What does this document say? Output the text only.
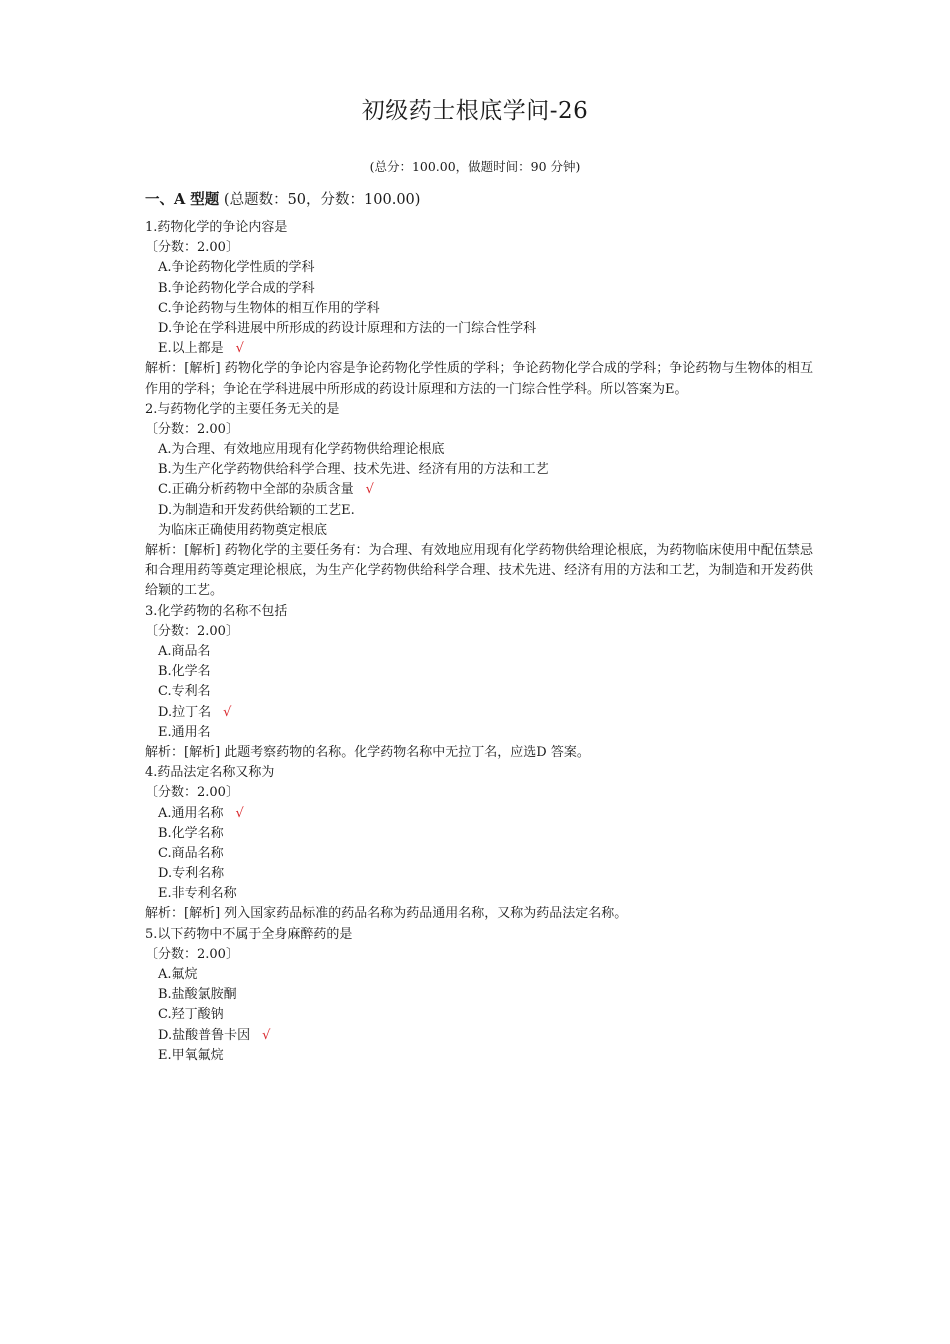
初级药士根底学问-26
(总分：100.00，做题时间：90 分钟)
一、A 型题 (总题数：50，分数：100.00)
1.药物化学的争论内容是
〔分数：2.00〕
A.争论药物化学性质的学科
B.争论药物化学合成的学科
C.争论药物与生物体的相互作用的学科
D.争论在学科进展中所形成的药设计原理和方法的一门综合性学科
E.以上都是 √
解析：[解析] 药物化学的争论内容是争论药物化学性质的学科；争论药物化学合成的学科；争论药物与生物体的相互作用的学科；争论在学科进展中所形成的药设计原理和方法的一门综合性学科。所以答案为E。
2.与药物化学的主要任务无关的是
〔分数：2.00〕
A.为合理、有效地应用现有化学药物供给理论根底
B.为生产化学药物供给科学合理、技术先进、经济有用的方法和工艺
C.正确分析药物中全部的杂质含量 √
D.为制造和开发药供给颖的工艺E.
为临床正确使用药物奠定根底
解析：[解析] 药物化学的主要任务有：为合理、有效地应用现有化学药物供给理论根底，为药物临床使用中配伍禁忌和合理用药等奠定理论根底，为生产化学药物供给科学合理、技术先进、经济有用的方法和工艺，为制造和开发药供给颖的工艺。
3.化学药物的名称不包括
〔分数：2.00〕
A.商品名
B.化学名
C.专利名
D.拉丁名 √
E.通用名
解析：[解析] 此题考察药物的名称。化学药物名称中无拉丁名，应选D 答案。
4.药品法定名称又称为
〔分数：2.00〕
A.通用名称 √
B.化学名称
C.商品名称
D.专利名称
E.非专利名称
解析：[解析] 列入国家药品标准的药品名称为药品通用名称，又称为药品法定名称。
5.以下药物中不属于全身麻醉药的是
〔分数：2.00〕
A.氟烷
B.盐酸氯胺酮
C.羟丁酸钠
D.盐酸普鲁卡因 √
E.甲氧氟烷
